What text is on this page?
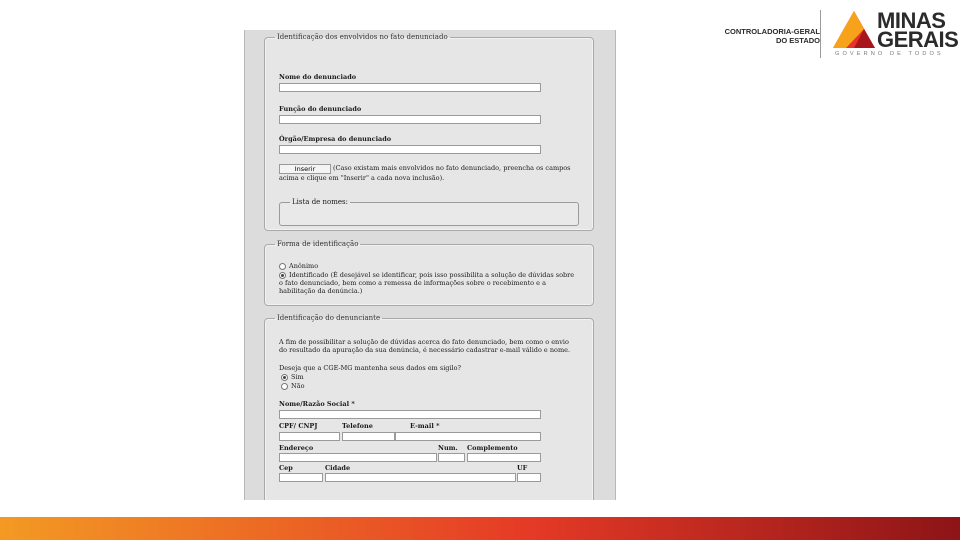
Identificação dos envolvidos no fato denunciado
Nome do denunciado
Função do denunciado
Órgão/Empresa do denunciado
Inserir	(Caso existam mais envolvidos no fato denunciado, preencha os campos
acima e clique em "Inserir" a cada nova inclusão).
Lista de nomes:
Forma de identificação
Anônimo
Identificado (É desejável se identificar, pois isso possibilita a solução de dúvidas sobre
o fato denunciado, bem como a remessa de informações sobre o recebimento e a
habilitação da denúncia.)
Identificação do denunciante
A fim de possibilitar a solução de dúvidas acerca do fato denunciado, bem como o envio
do resultado da apuração da sua denúncia, é necessário cadastrar e-mail válido e nome.
Deseja que a CGE-MG mantenha seus dados em sigilo?
Sim
Não
Nome/Razão Social *
CPF/ CNPJ	Telefone	E-mail *
Endereço	Num. Complemento
Cep	Cidade	UF
CONTROLADORIA-GERAL
DO ESTADO
MINAS
GERAIS
GOVERNO DE TODOS
